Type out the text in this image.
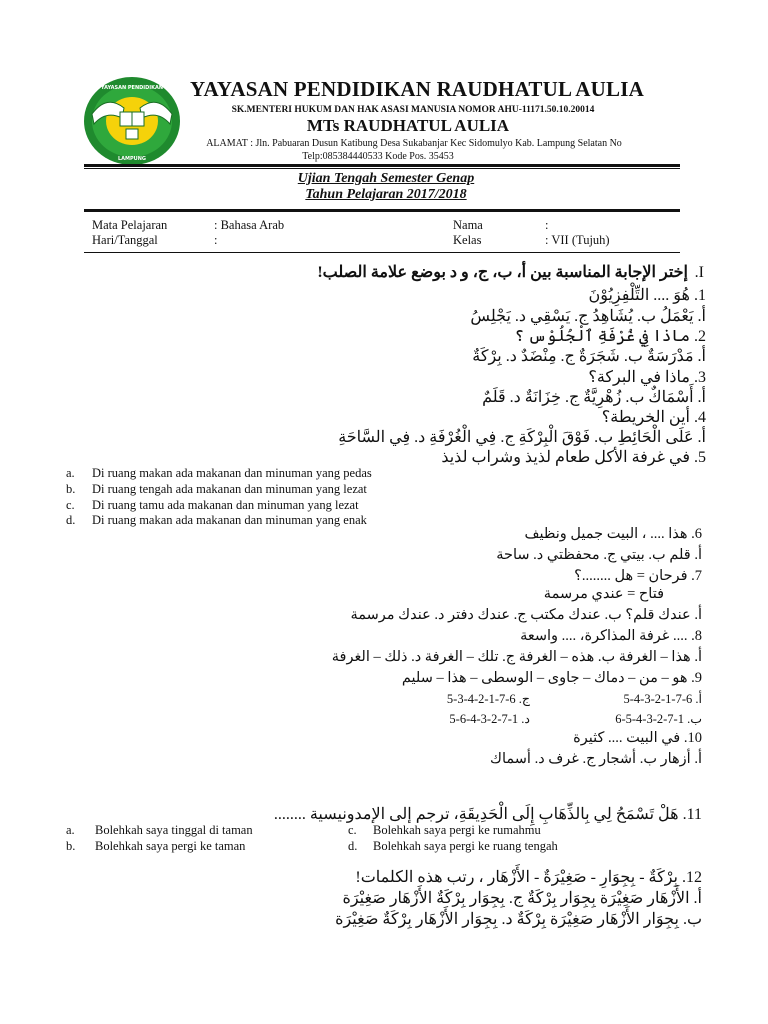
YAYASAN PENDIDIKAN
LAMPUNG
YAYASAN PENDIDIKAN RAUDHATUL AULIA
SK.MENTERI HUKUM DAN HAK ASASI MANUSIA NOMOR AHU-11171.50.10.20014
MTs RAUDHATUL AULIA
ALAMAT : Jln. Pabuaran Dusun Katibung Desa Sukabanjar Kec Sidomulyo Kab. Lampung Selatan No
Telp:085384440533 Kode Pos. 35453
Ujian Tengah Semester Genap
Tahun Pelajaran 2017/2018
Mata Pelajaran	: Bahasa Arab	Nama	:
Hari/Tanggal	:	Kelas	: VII (Tujuh)
.I
إختر الإجابة المناسبة بين أ، ب، ج، و د بوضع علامة الصلب!
1. هُوَ .... التِّلْفِزِيُوْنَ
أ. يَعْمَلُ ب. يُشَاهِدُ ج. يَسْقِي د. يَجْلِسُ
2. ماذا فِي غُرْفَةِ ٱلْجُلُوْس ؟
أ. مَدْرَسَةٌ ب. شَجَرَةٌ ج. مِنْضَدٌ د. بِرْكَةٌ
3. ماذا في البركة؟
أ. أَسْمَاكٌ ب. زُهْرِيَّةٌ ج. خِزَانَةٌ د. قَلَمٌ
4. أين الخريطة؟
أ. عَلَى الْحَائِطِ ب. فَوْقَ الْبِرْكَةِ ج. فِي الْغُرْفَةِ د. فِي السَّاحَةِ
5. في غرفة الأكل طعام لذيذ وشراب لذيذ
a. Di ruang makan ada makanan dan minuman yang pedas
b. Di ruang tengah ada makanan dan minuman yang lezat
c. Di ruang tamu ada makanan dan minuman yang lezat
d. Di ruang makan ada makanan dan minuman yang enak
6. هذا .... ، البيت جميل ونظيف
أ. قلم ب. بيتي ج. محفظتي د. ساحة
7. فرحان = هل ........؟
فتاح = عندي مرسمة
أ. عندك قلم؟ ب. عندك مكتب ج. عندك دفتر د. عندك مرسمة
8. .... غرفة المذاكرة، .... واسعة
أ. هذا – الغرفة ب. هذه – الغرفة ج. تلك – الغرفة د. ذلك – الغرفة
9. هو – من – دماك – جاوى – الوسطى – هذا – سليم
أ. 6-7-1-2-3-4-5
ج. 6-7-1-2-4-3-5
ب. 1-7-2-3-4-5-6
د. 1-7-2-3-4-6-5
10. في البيت .... كثيرة
أ. أزهار ب. أشجار ج. غرف د. أسماك
11. هَلْ تَسْمَحُ لِي بِالذِّهَابِ إِلَى الْحَدِيقَةِ، ترجم إلى الإمدونيسية ........
a. Bolehkah saya tinggal di taman
b. Bolehkah saya pergi ke taman
c. Bolehkah saya pergi ke rumahmu
d. Bolehkah saya pergi ke ruang tengah
12. بِرْكَةٌ - بِجِوَارِ - صَغِيْرَةٌ - الأَزْهَار ، رتب هذه الكلمات!
أ. الأَزْهَار صَغِيْرَة بِجِوَار بِرْكَةٌ ج. بِجِوَار بِرْكَةٌ الأَزْهَار صَغِيْرَة
ب. بِجِوَار الأَزْهَار صَغِيْرَة بِرْكَةٌ د. بِجِوَار الأَزْهَار بِرْكَةٌ صَغِيْرَة
